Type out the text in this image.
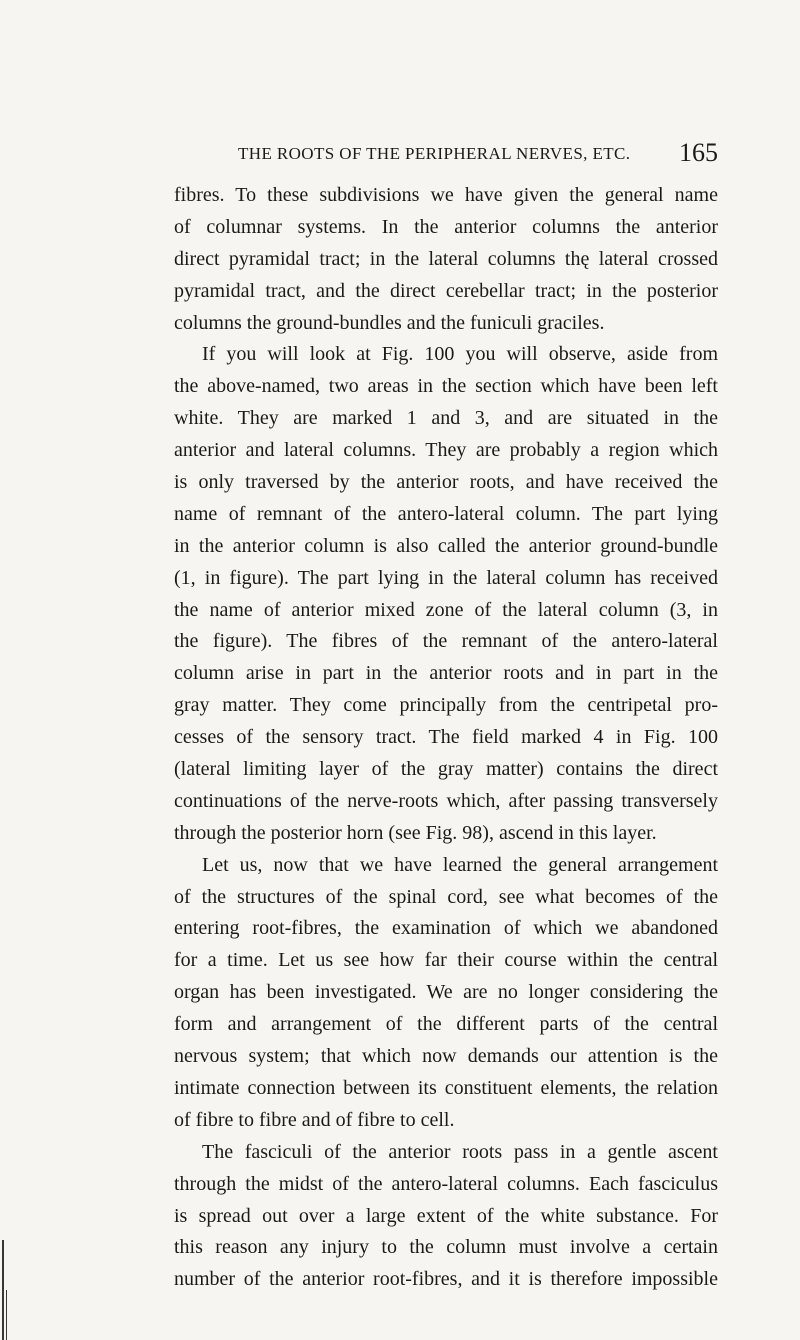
THE ROOTS OF THE PERIPHERAL NERVES, ETC. 165
fibres. To these subdivisions we have given the general name
of columnar systems. In the anterior columns the anterior
direct pyramidal tract; in the lateral columns thę lateral crossed
pyramidal tract, and the direct cerebellar tract; in the posterior
columns the ground-bundles and the funiculi graciles.
If you will look at Fig. 100 you will observe, aside from
the above-named, two areas in the section which have been left
white. They are marked 1 and 3, and are situated in the
anterior and lateral columns. They are probably a region which
is only traversed by the anterior roots, and have received the
name of remnant of the antero-lateral column. The part lying
in the anterior column is also called the anterior ground-bundle
(1, in figure). The part lying in the lateral column has received
the name of anterior mixed zone of the lateral column (3, in
the figure). The fibres of the remnant of the antero-lateral
column arise in part in the anterior roots and in part in the
gray matter. They come principally from the centripetal pro-
cesses of the sensory tract. The field marked 4 in Fig. 100
(lateral limiting layer of the gray matter) contains the direct
continuations of the nerve-roots which, after passing transversely
through the posterior horn (see Fig. 98), ascend in this layer.
Let us, now that we have learned the general arrangement
of the structures of the spinal cord, see what becomes of the
entering root-fibres, the examination of which we abandoned
for a time. Let us see how far their course within the central
organ has been investigated. We are no longer considering the
form and arrangement of the different parts of the central
nervous system; that which now demands our attention is the
intimate connection between its constituent elements, the relation
of fibre to fibre and of fibre to cell.
The fasciculi of the anterior roots pass in a gentle ascent
through the midst of the antero-lateral columns. Each fasciculus
is spread out over a large extent of the white substance. For
this reason any injury to the column must involve a certain
number of the anterior root-fibres, and it is therefore impossible
